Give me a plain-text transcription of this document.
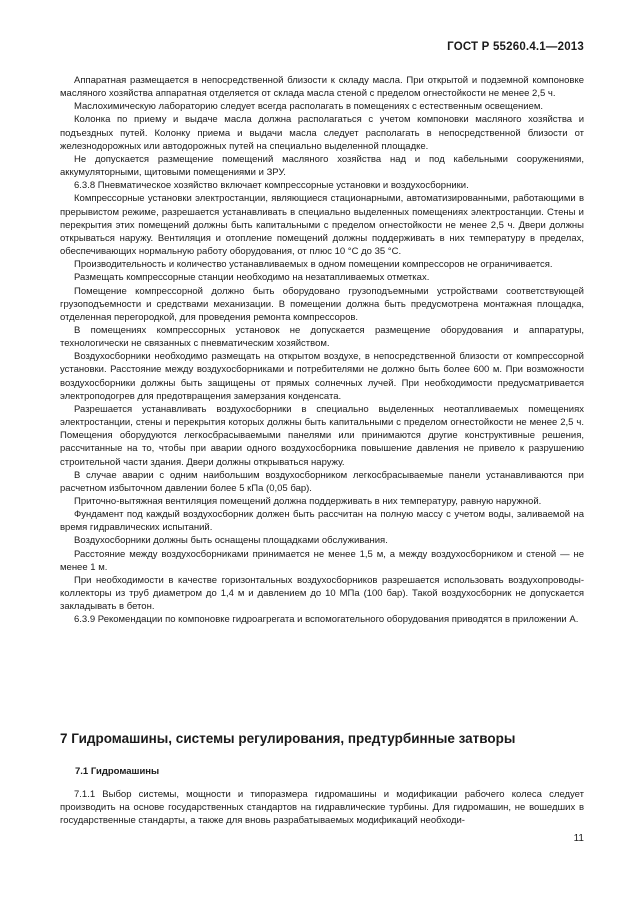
ГОСТ Р 55260.4.1—2013

Аппаратная размещается в непосредственной близости к складу масла. При открытой и подземной компоновке масляного хозяйства аппаратная отделяется от склада масла стеной с пределом огнестойкости не менее 2,5 ч.

Маслохимическую лабораторию следует всегда располагать в помещениях с естественным освещением.

Колонка по приему и выдаче масла должна располагаться с учетом компоновки масляного хозяйства и подъездных путей. Колонку приема и выдачи масла следует располагать в непосредственной близости от железнодорожных или автодорожных путей на специально выделенной площадке.

Не допускается размещение помещений масляного хозяйства над и под кабельными сооружениями, аккумуляторными, щитовыми помещениями и ЗРУ.

6.3.8 Пневматическое хозяйство включает компрессорные установки и воздухосборники.

Компрессорные установки электростанции, являющиеся стационарными, автоматизированными, работающими в прерывистом режиме, разрешается устанавливать в специально выделенных помещениях электростанции. Стены и перекрытия этих помещений должны быть капитальными с пределом огнестойкости не менее 2,5 ч. Двери должны открываться наружу. Вентиляция и отопление помещений должны поддерживать в них температуру в пределах, обеспечивающих нормальную работу оборудования, от плюс 10 °С до 35 °С.

Производительность и количество устанавливаемых в одном помещении компрессоров не ограничивается.

Размещать компрессорные станции необходимо на незатапливаемых отметках.

Помещение компрессорной должно быть оборудовано грузоподъемными устройствами соответствующей грузоподъемности и средствами механизации. В помещении должна быть предусмотрена монтажная площадка, отделенная перегородкой, для проведения ремонта компрессоров.

В помещениях компрессорных установок не допускается размещение оборудования и аппаратуры, технологически не связанных с пневматическим хозяйством.

Воздухосборники необходимо размещать на открытом воздухе, в непосредственной близости от компрессорной установки. Расстояние между воздухосборниками и потребителями не должно быть более 600 м. При возможности воздухосборники должны быть защищены от прямых солнечных лучей. При необходимости предусматривается электроподогрев для предотвращения замерзания конденсата.

Разрешается устанавливать воздухосборники в специально выделенных неотапливаемых помещениях электростанции, стены и перекрытия которых должны быть капитальными с пределом огнестойкости не менее 2,5 ч. Помещения оборудуются легкосбрасываемыми панелями или принимаются другие конструктивные решения, рассчитанные на то, чтобы при аварии одного воздухосборника повышение давления не привело к разрушению строительной части здания. Двери должны открываться наружу.

В случае аварии с одним наибольшим воздухосборником легкосбрасываемые панели устанавливаются при расчетном избыточном давлении более 5 кПа (0,05 бар).

Приточно-вытяжная вентиляция помещений должна поддерживать в них температуру, равную наружной.

Фундамент под каждый воздухосборник должен быть рассчитан на полную массу с учетом воды, заливаемой на время гидравлических испытаний.

Воздухосборники должны быть оснащены площадками обслуживания.

Расстояние между воздухосборниками принимается не менее 1,5 м, а между воздухосборником и стеной — не менее 1 м.

При необходимости в качестве горизонтальных воздухосборников разрешается использовать воздухопроводы-коллекторы из труб диаметром до 1,4 м и давлением до 10 МПа (100 бар). Такой воздухосборник не допускается закладывать в бетон.

6.3.9 Рекомендации по компоновке гидроагрегата и вспомогательного оборудования приводятся в приложении А.

7 Гидромашины, системы регулирования, предтурбинные затворы
7.1 Гидромашины

7.1.1 Выбор системы, мощности и типоразмера гидромашины и модификации рабочего колеса следует производить на основе государственных стандартов на гидравлические турбины. Для гидромашин, не вошедших в государственные стандарты, а также для вновь разрабатываемых модификаций необходи-

11
